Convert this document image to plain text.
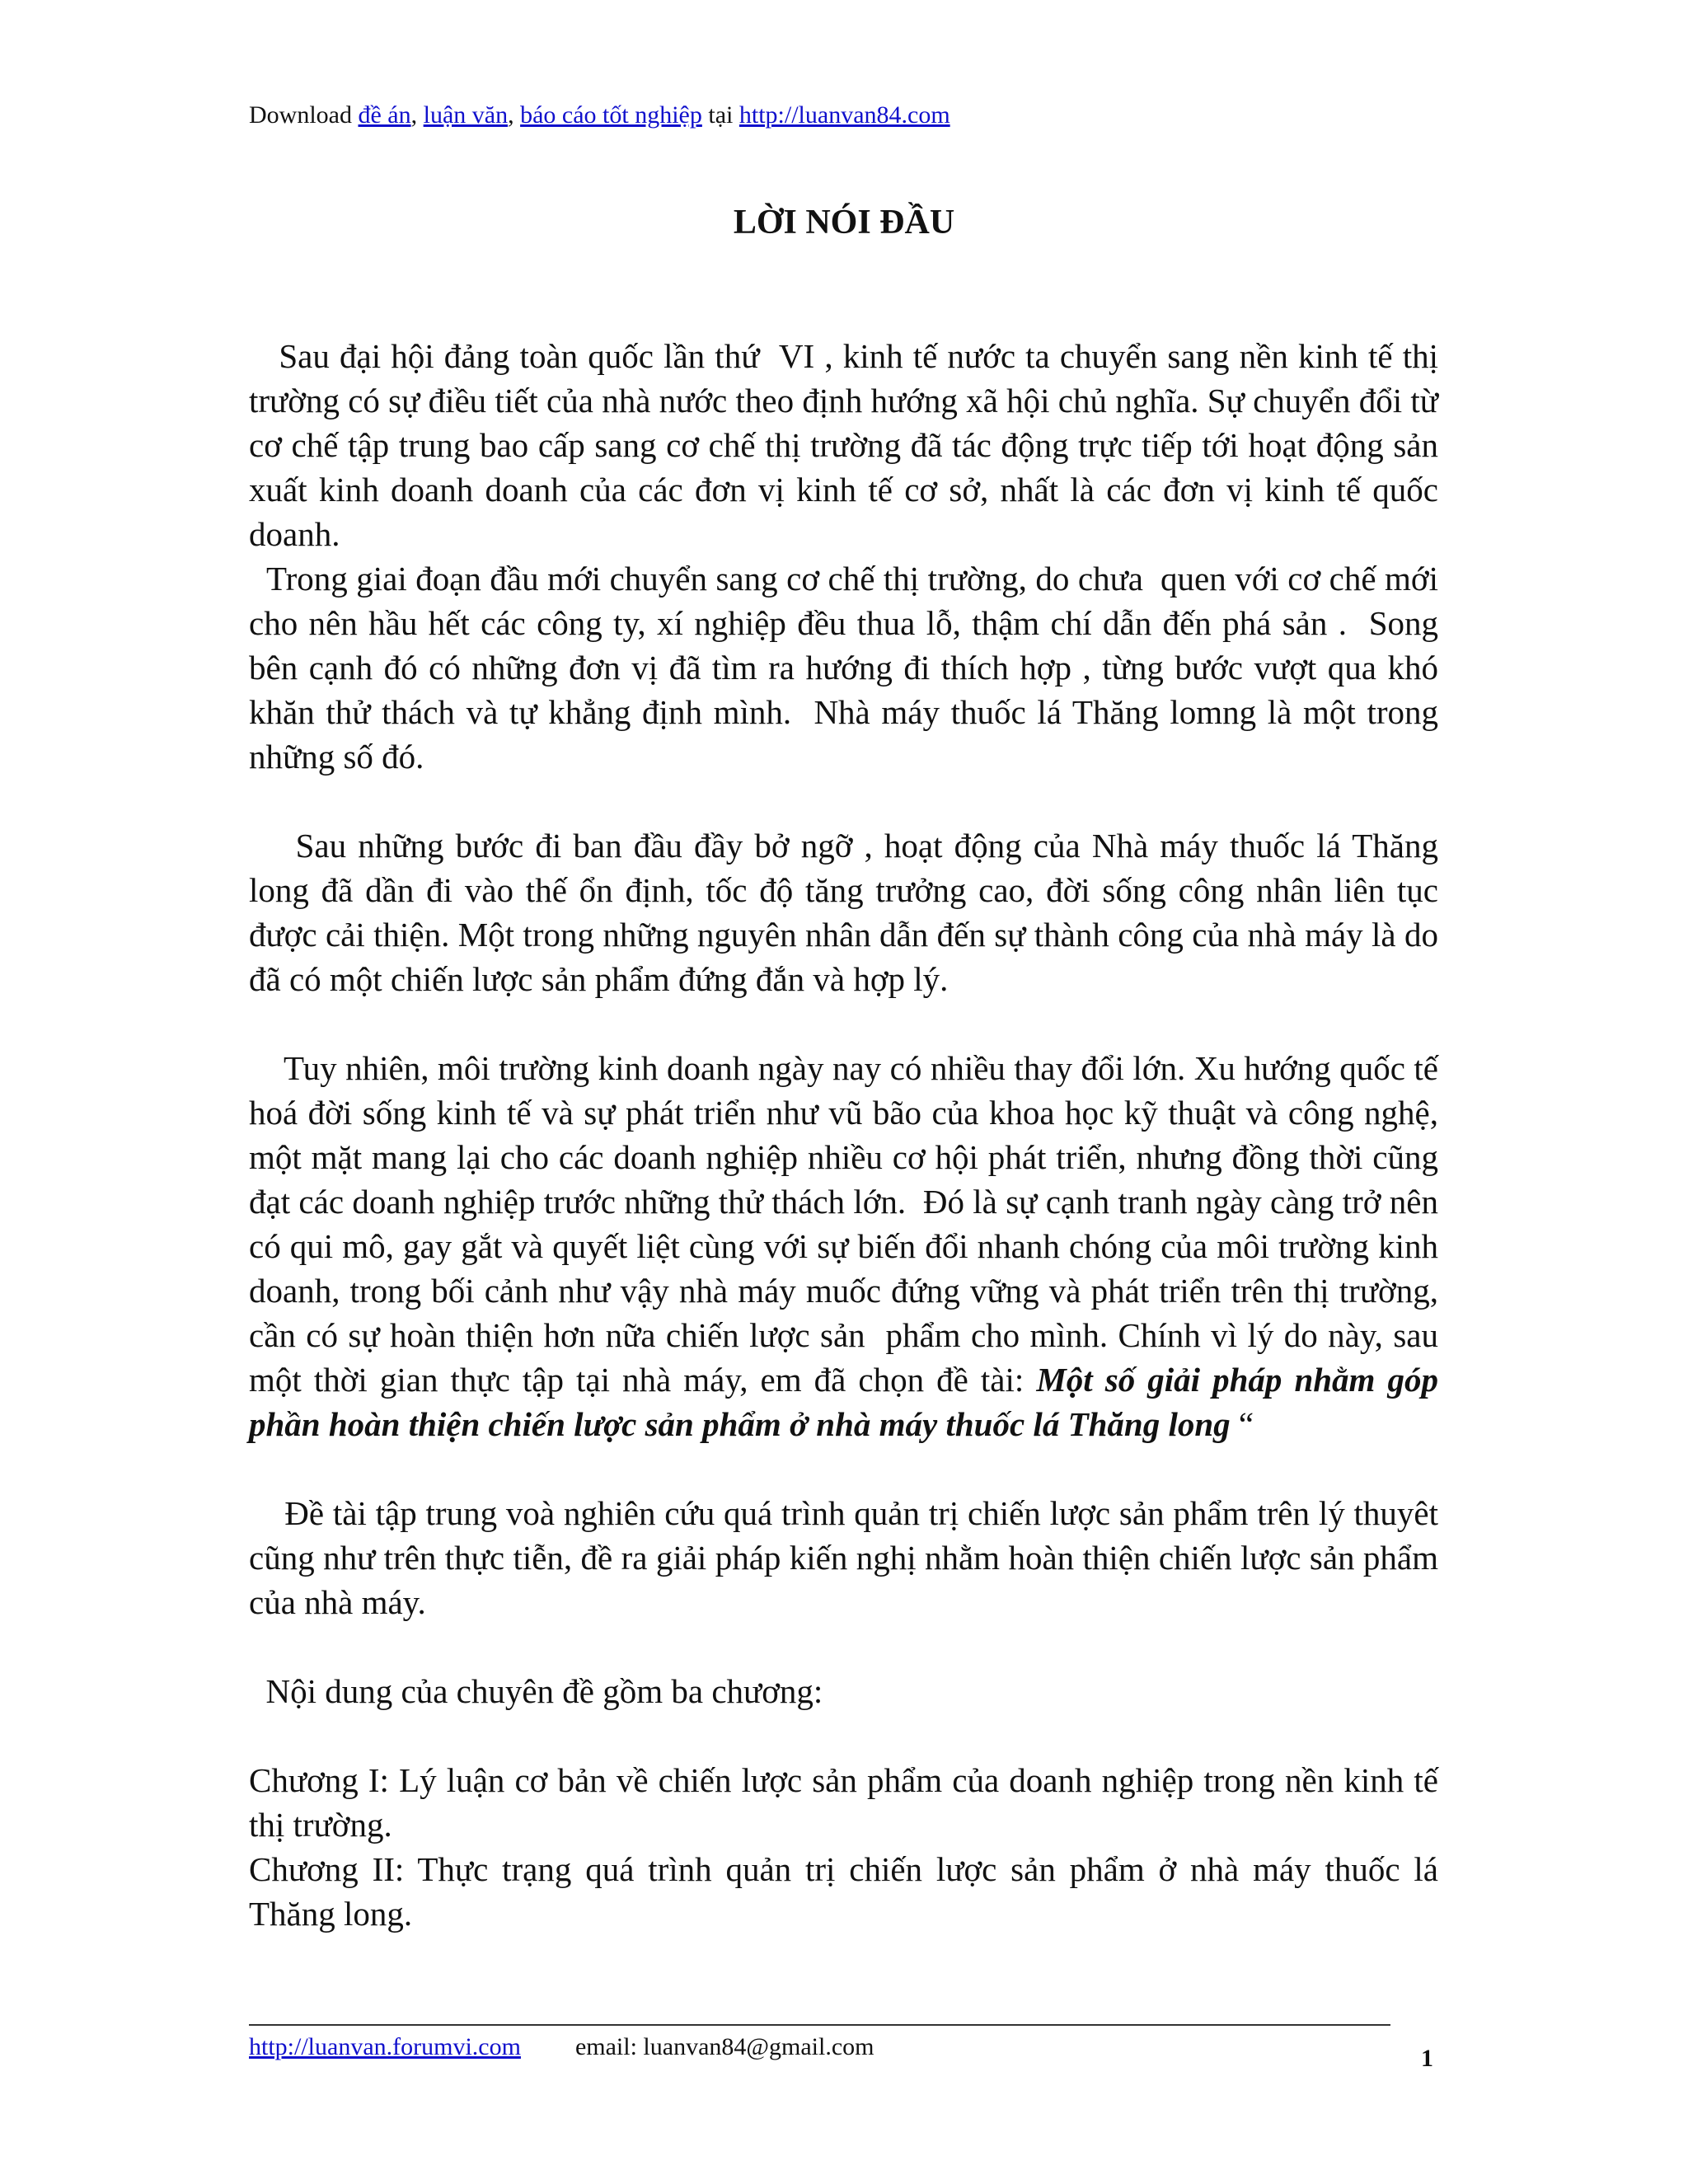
Download đề án, luận văn, báo cáo tốt nghiệp tại http://luanvan84.com
LỜI NÓI ĐẦU

Sau đại hội đảng toàn quốc lần thứ  VI , kinh tế nước ta chuyển sang nền kinh tế thị trường có sự điều tiết của nhà nước theo định hướng xã hội chủ nghĩa. Sự chuyển đổi từ cơ chế tập trung bao cấp sang cơ chế thị trường đã tác động trực tiếp tới hoạt động sản  xuất kinh doanh doanh của các đơn vị kinh tế cơ sở, nhất là các đơn vị kinh tế quốc doanh.

Trong giai đoạn đầu mới chuyển sang cơ chế thị trường, do chưa  quen với cơ chế mới cho nên hầu hết các công ty, xí nghiệp đều thua lỗ, thậm chí dẫn đến phá sản .  Song bên cạnh đó có những đơn vị đã tìm ra hướng đi thích hợp , từng bước vượt qua khó khăn thử thách và tự khẳng định mình.  Nhà máy thuốc lá Thăng lomng là một trong những số đó.

Sau những bước đi ban đầu đầy bở ngỡ , hoạt động của Nhà máy thuốc lá Thăng long đã dần đi vào thế ổn định, tốc độ tăng trưởng cao, đời sống công nhân liên tục được cải thiện. Một trong những nguyên nhân dẫn đến sự thành công của nhà máy là do đã có một chiến lược sản phẩm đứng đắn và hợp lý.

Tuy nhiên, môi trường kinh doanh ngày nay có nhiều thay đổi lớn. Xu hướng quốc tế hoá đời sống kinh tế và sự phát triển như vũ bão của khoa học kỹ thuật và công nghệ, một mặt mang lại cho các doanh nghiệp nhiều cơ hội phát triển, nhưng đồng thời cũng đạt các doanh nghiệp trước những thử thách lớn.  Đó là sự cạnh tranh ngày càng trở nên có qui mô, gay gắt và quyết liệt cùng với sự biến đổi nhanh chóng của môi trường kinh doanh, trong bối cảnh như vậy nhà máy muốc đứng vững và phát triển trên thị trường, cần có sự hoàn thiện hơn nữa chiến lược sản  phẩm cho mình. Chính vì lý do này, sau một thời gian thực tập tại nhà máy, em đã chọn đề tài: Một số giải pháp nhằm góp phần hoàn thiện chiến lược sản phẩm ở nhà máy thuốc lá Thăng long “

Đề tài tập trung voà nghiên cứu quá trình quản trị chiến lược sản phẩm trên lý thuyêt cũng như trên thực tiễn, đề ra giải pháp kiến nghị nhằm hoàn thiện chiến lược sản phẩm của nhà máy.

Nội dung của chuyên đề gồm ba chương:

Chương I: Lý luận cơ bản về chiến lược sản phẩm của doanh nghiệp trong nền kinh tế thị trường.

Chương II: Thực trạng quá trình quản trị chiến lược sản phẩm ở nhà máy thuốc lá Thăng long.

http://luanvan.forumvi.com email: luanvan84@gmail.com	1
